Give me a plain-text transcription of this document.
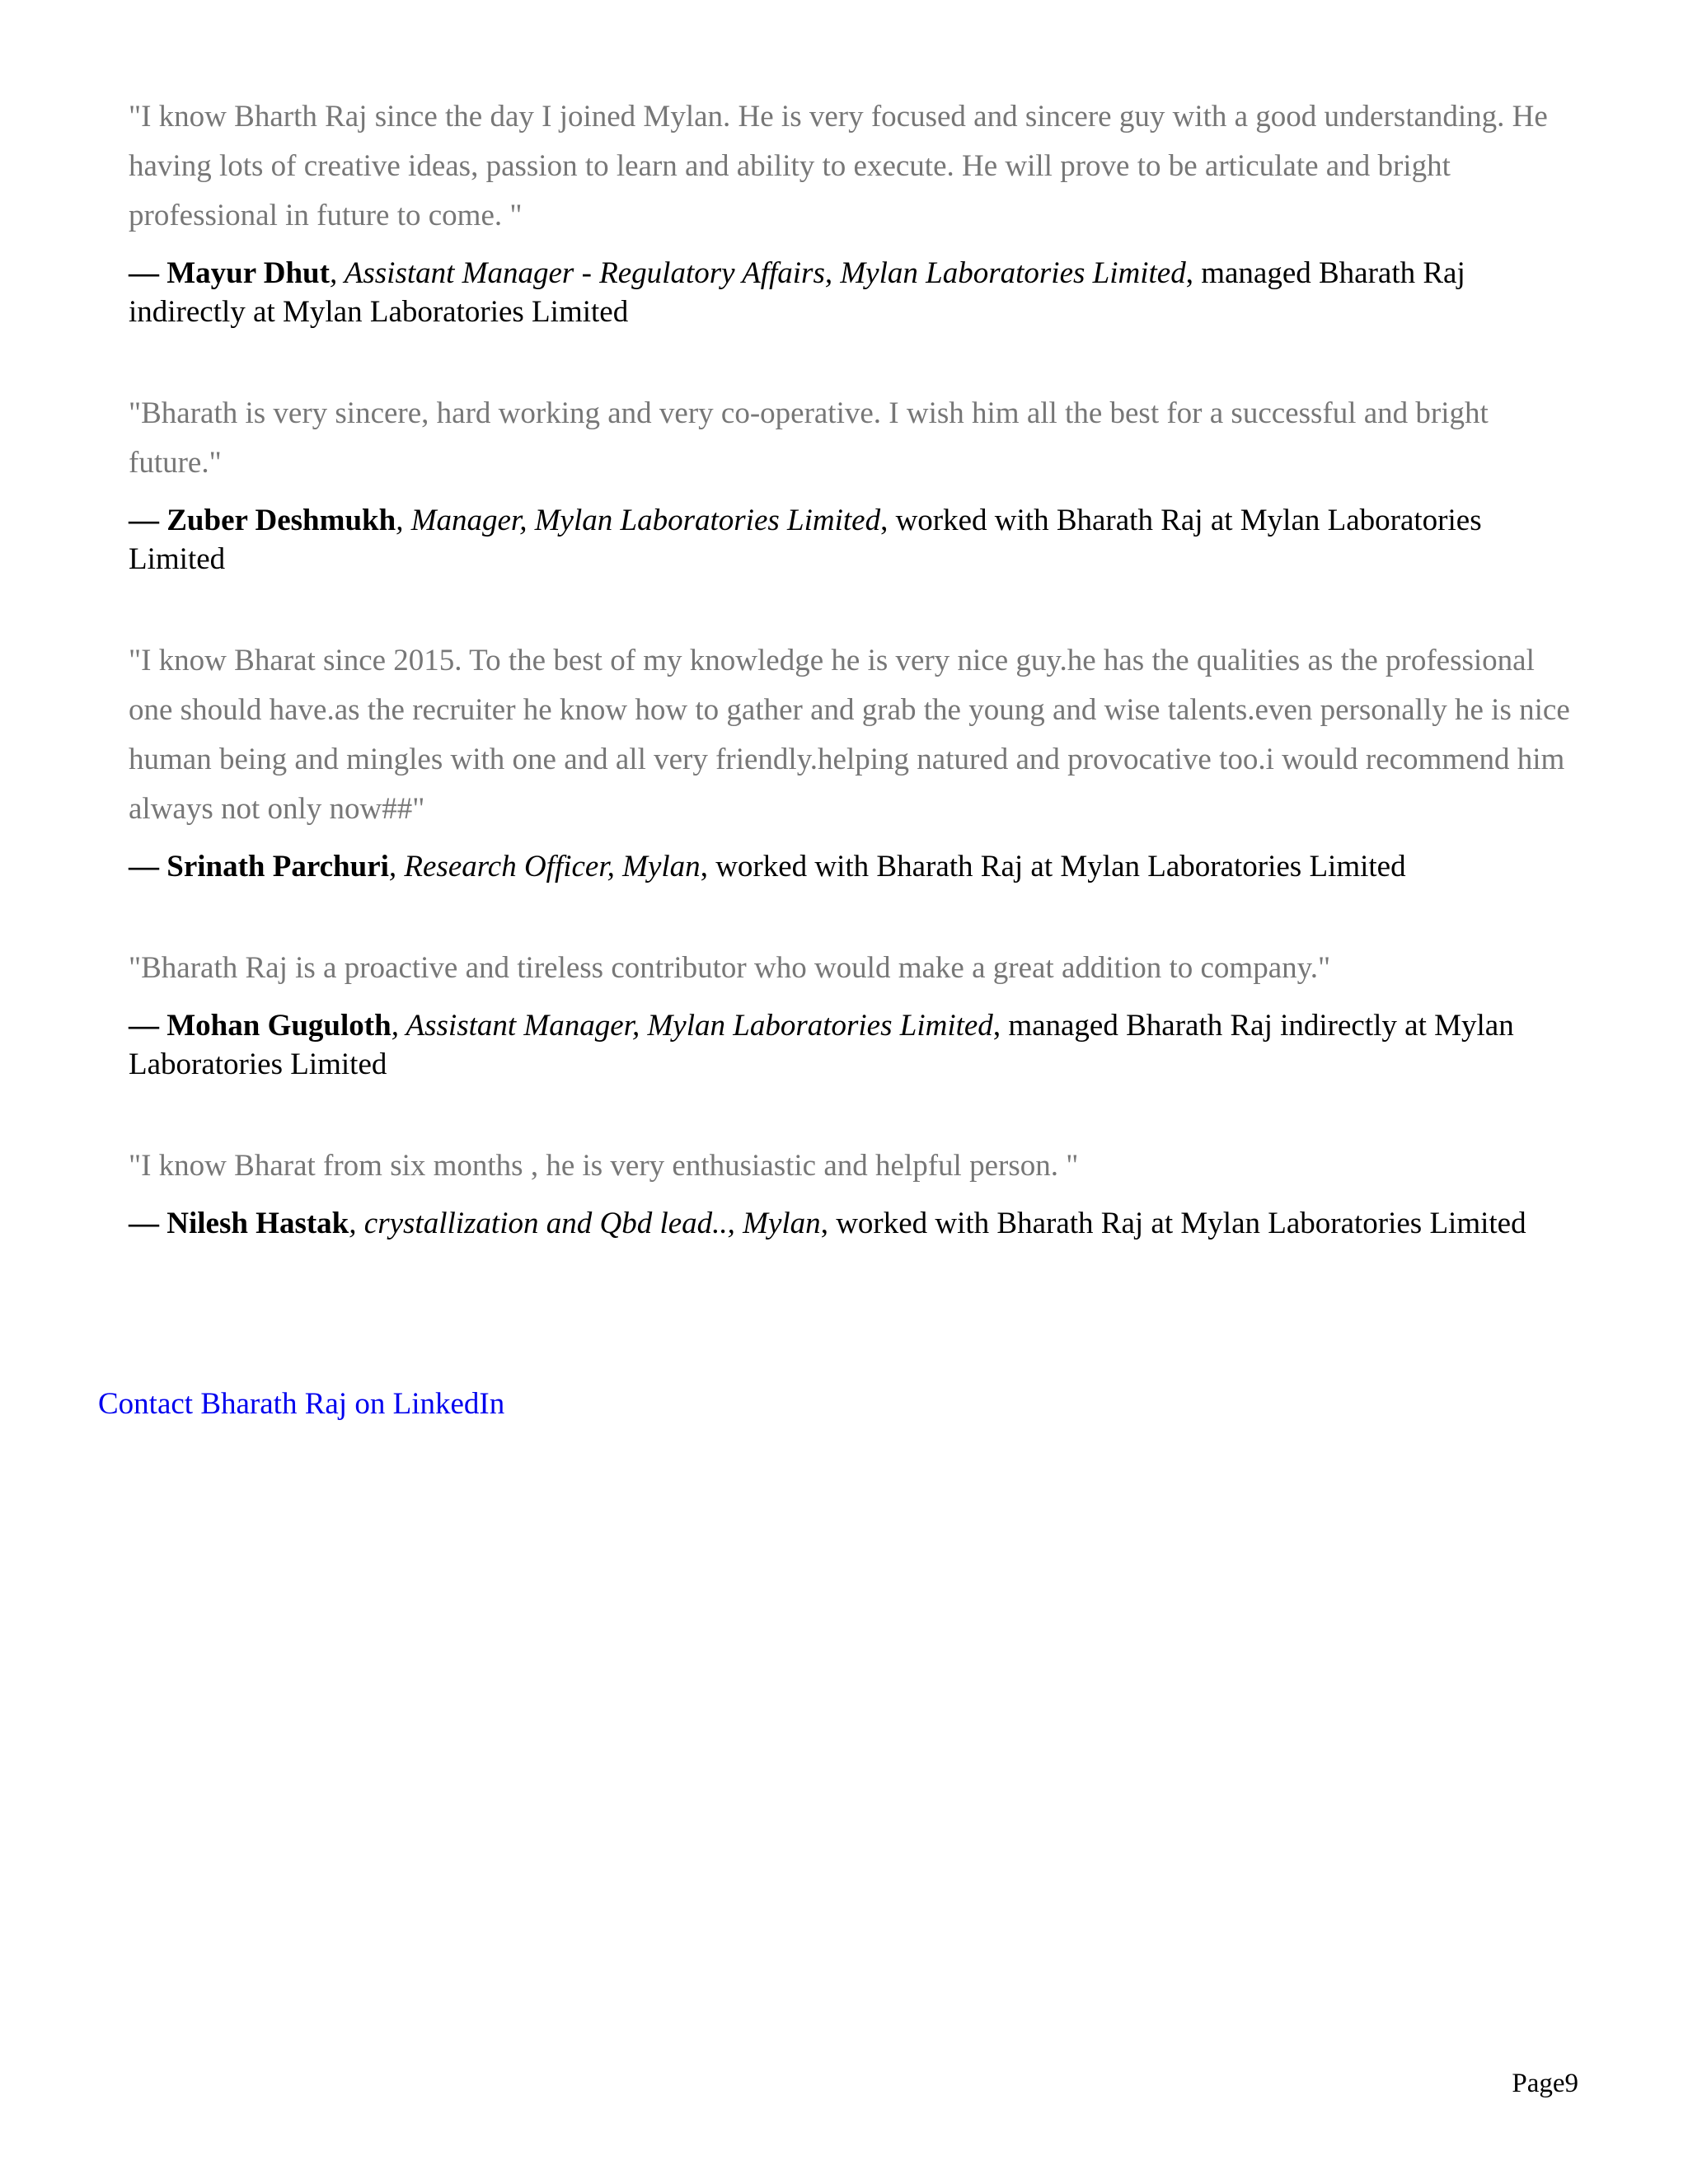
"I know Bharth Raj since the day I joined Mylan. He is very focused and sincere guy with a good understanding. He having lots of creative ideas, passion to learn and ability to execute. He will prove to be articulate and bright professional in future to come. "

— Mayur Dhut, Assistant Manager - Regulatory Affairs, Mylan Laboratories Limited, managed Bharath Raj indirectly at Mylan Laboratories Limited

"Bharath is very sincere, hard working and very co-operative. I wish him all the best for a successful and bright future."

— Zuber Deshmukh, Manager, Mylan Laboratories Limited, worked with Bharath Raj at Mylan Laboratories Limited

"I know Bharat since 2015. To the best of my knowledge he is very nice guy.he has the qualities as the professional one should have.as the recruiter he know how to gather and grab the young and wise talents.even personally he is nice human being and mingles with one and all very friendly.helping natured and provocative too.i would recommend him always not only now##"

— Srinath Parchuri, Research Officer, Mylan, worked with Bharath Raj at Mylan Laboratories Limited

"Bharath Raj is a proactive and tireless contributor who would make a great addition to company."

— Mohan Guguloth, Assistant Manager, Mylan Laboratories Limited, managed Bharath Raj indirectly at Mylan Laboratories Limited

"I know Bharat from six months , he is very enthusiastic and helpful person. "

— Nilesh Hastak, crystallization and Qbd lead.., Mylan, worked with Bharath Raj at Mylan Laboratories Limited

Contact Bharath Raj on LinkedIn
Page9
